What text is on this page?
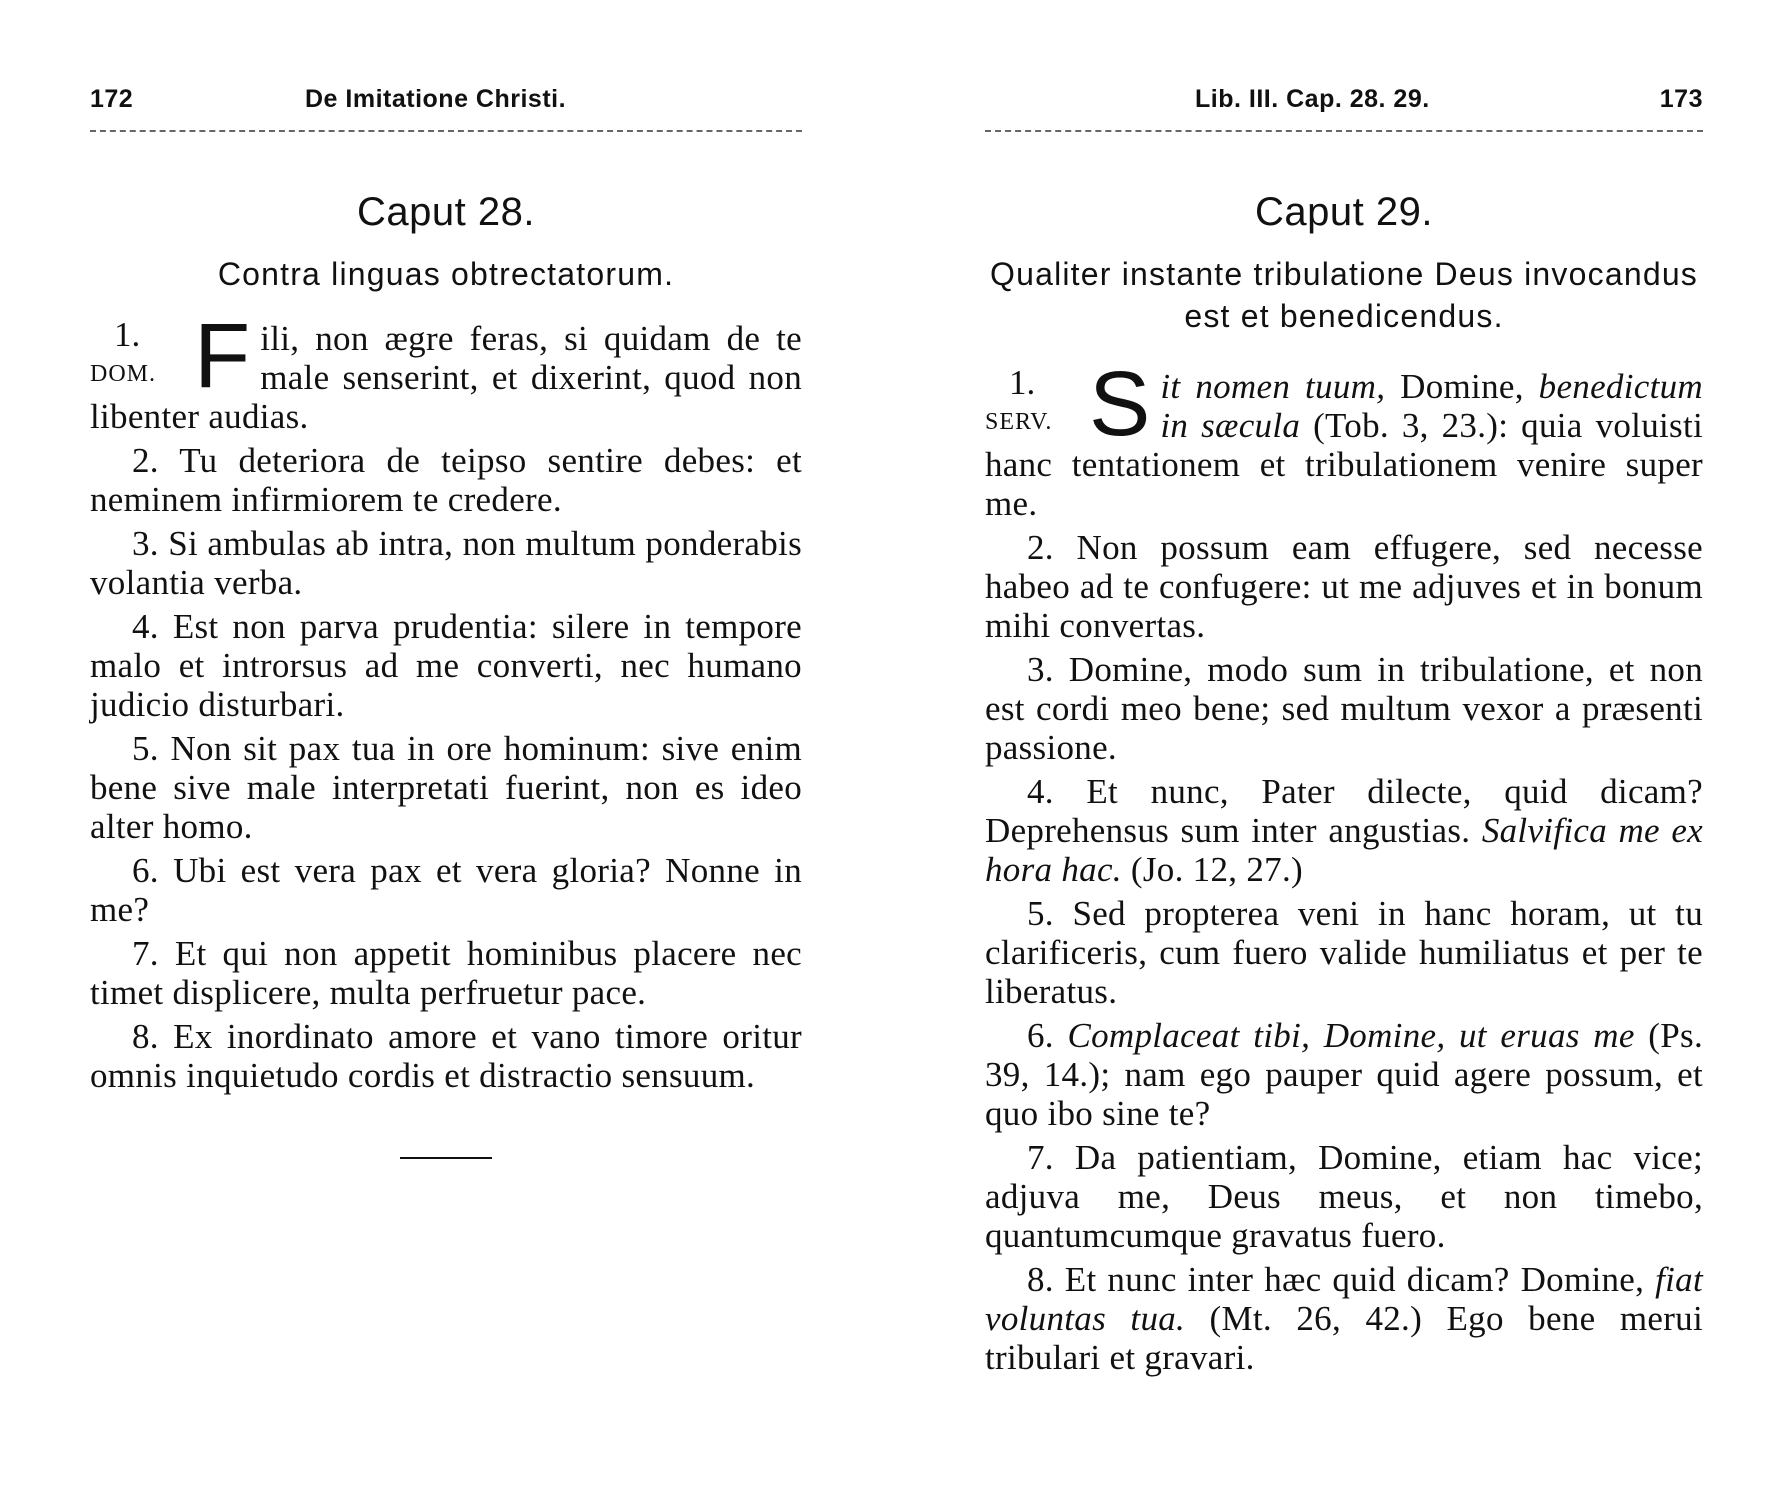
172	De Imitatione Christi.
Caput 28.
Contra linguas obtrectatorum.
1.
DOM. F ili, non ægre feras, si quidam de te male senserint, et dixerint, quod non libenter audias.

2. Tu deteriora de teipso sentire debes: et neminem infirmiorem te credere.

3. Si ambulas ab intra, non multum ponderabis volantia verba.

4. Est non parva prudentia: silere in tempore malo et introrsus ad me converti, nec humano judicio disturbari.

5. Non sit pax tua in ore hominum: sive enim bene sive male interpretati fuerint, non es ideo alter homo.

6. Ubi est vera pax et vera gloria? Nonne in me?

7. Et qui non appetit hominibus placere nec timet displicere, multa perfruetur pace.

8. Ex inordinato amore et vano timore oritur omnis inquietudo cordis et distractio sensuum.

Lib. III. Cap. 28. 29.	173
Caput 29.
Qualiter instante tribulatione Deus invocandus est et benedicendus.
1.
SERV. S it nomen tuum, Domine, benedictum in sæcula (Tob. 3, 23.): quia voluisti hanc tentationem et tribulationem venire super me.

2. Non possum eam effugere, sed necesse habeo ad te confugere: ut me adjuves et in bonum mihi convertas.

3. Domine, modo sum in tribulatione, et non est cordi meo bene; sed multum vexor a præsenti passione.

4. Et nunc, Pater dilecte, quid dicam? Deprehensus sum inter angustias. Salvifica me ex hora hac. (Jo. 12, 27.)

5. Sed propterea veni in hanc horam, ut tu clarificeris, cum fuero valide humiliatus et per te liberatus.

6. Complaceat tibi, Domine, ut eruas me (Ps. 39, 14.); nam ego pauper quid agere possum, et quo ibo sine te?

7. Da patientiam, Domine, etiam hac vice; adjuva me, Deus meus, et non timebo, quantumcumque gravatus fuero.

8. Et nunc inter hæc quid dicam? Domine, fiat voluntas tua. (Mt. 26, 42.) Ego bene merui tribulari et gravari.
